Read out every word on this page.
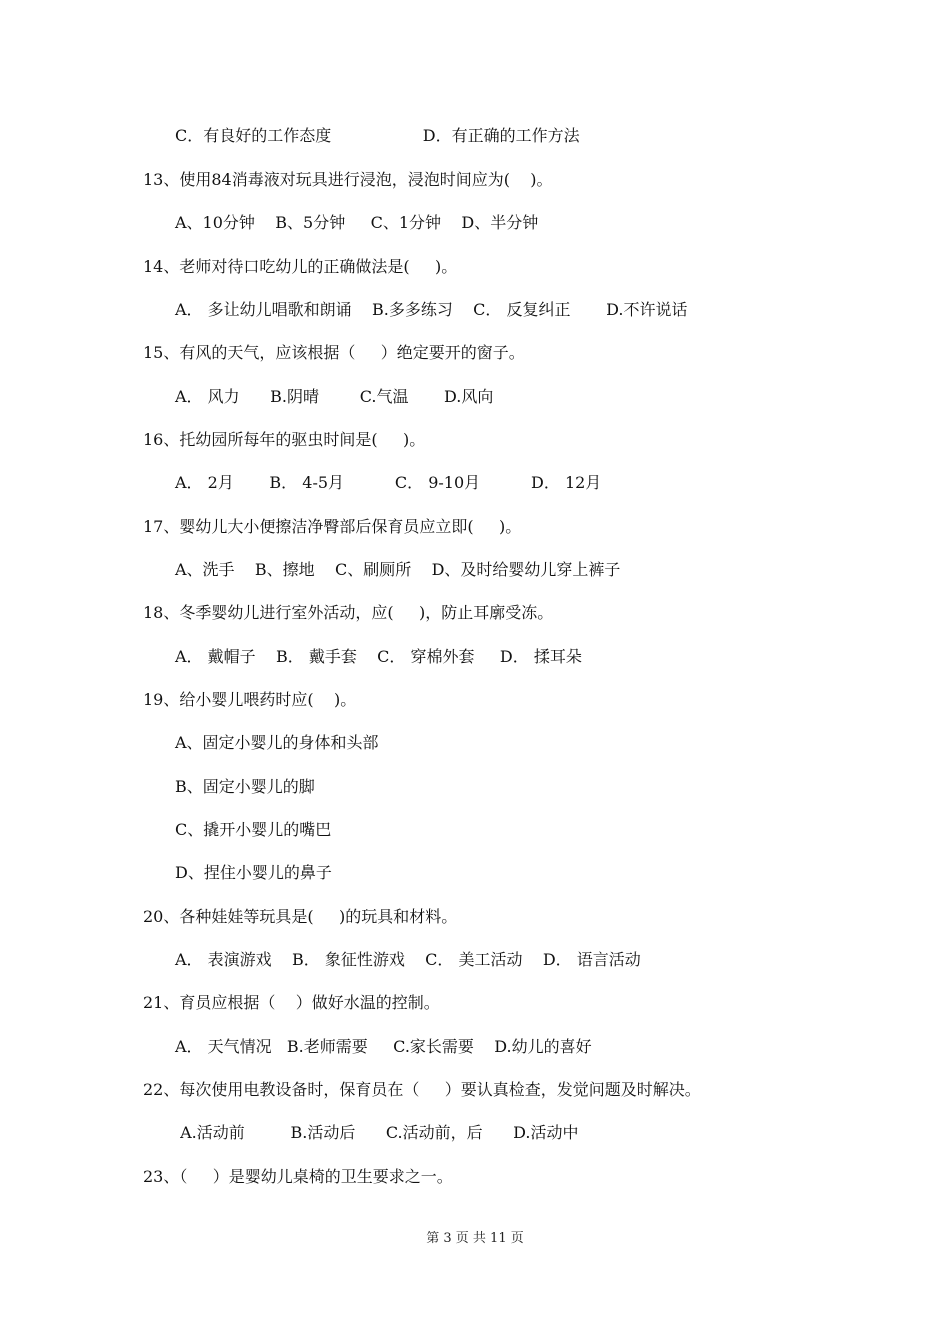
C．有良好的工作态度                  D．有正确的工作方法
13、使用84消毒液对玩具进行浸泡，浸泡时间应为(    )。
A、10分钟    B、5分钟     C、1分钟    D、半分钟
14、老师对待口吃幼儿的正确做法是(     )。
A． 多让幼儿唱歌和朗诵    B.多多练习    C． 反复纠正       D.不许说话
15、有风的天气，应该根据（     ）绝定要开的窗子。
A． 风力      B.阴晴        C.气温       D.风向
16、托幼园所每年的驱虫时间是(     )。
A． 2月       B． 4-5月          C． 9-10月          D． 12月
17、婴幼儿大小便擦洁净臀部后保育员应立即(     )。
A、洗手    B、擦地    C、刷厕所    D、及时给婴幼儿穿上裤子
18、冬季婴幼儿进行室外活动，应(     )，防止耳廓受冻。
A． 戴帽子    B． 戴手套    C． 穿棉外套     D． 揉耳朵
19、给小婴儿喂药时应(    )。
A、固定小婴儿的身体和头部
B、固定小婴儿的脚
C、撬开小婴儿的嘴巴
D、捏住小婴儿的鼻子
20、各种娃娃等玩具是(     )的玩具和材料。
A． 表演游戏    B． 象征性游戏    C． 美工活动    D． 语言活动
21、育员应根据（    ）做好水温的控制。
A． 天气情况   B.老师需要     C.家长需要    D.幼儿的喜好
22、每次使用电教设备时，保育员在（     ）要认真检查，发觉问题及时解决。
A.活动前         B.活动后      C.活动前，后      D.活动中
23、（     ）是婴幼儿桌椅的卫生要求之一。
第 3 页 共 11 页
